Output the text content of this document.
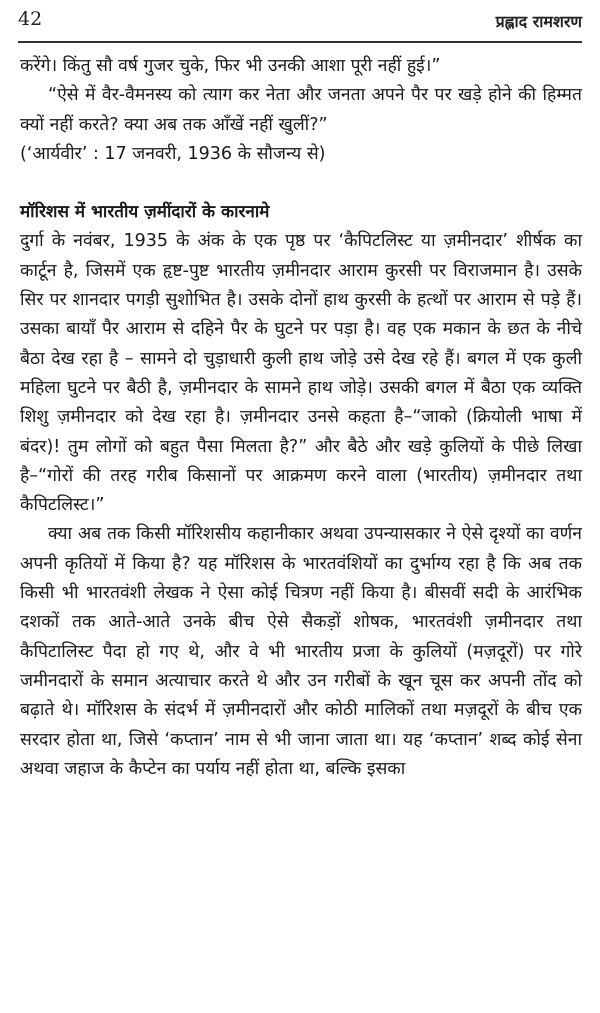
42	प्रह्लाद रामशरण

करेंगे। किंतु सौ वर्ष गुजर चुके, फिर भी उनकी आशा पूरी नहीं हुई।”

“ऐसे में वैर-वैमनस्य को त्याग कर नेता और जनता अपने पैर पर खड़े होने की हिम्मत क्यों नहीं करते? क्या अब तक आँखें नहीं खुलीं?”

(‘आर्यवीर’ : 17 जनवरी, 1936 के सौजन्य से)

मॉरिशस में भारतीय ज़मींदारों के कारनामे

दुर्गा के नवंबर, 1935 के अंक के एक पृष्ठ पर ‘कैपिटलिस्ट या ज़मीनदार’ शीर्षक का कार्टून है, जिसमें एक हृष्ट-पुष्ट भारतीय ज़मीनदार आराम कुरसी पर विराजमान है। उसके सिर पर शानदार पगड़ी सुशोभित है। उसके दोनों हाथ कुरसी के हत्थों पर आराम से पड़े हैं। उसका बायाँ पैर आराम से दहिने पैर के घुटने पर पड़ा है। वह एक मकान के छत के नीचे बैठा देख रहा है – सामने दो चुड़ाधारी कुली हाथ जोड़े उसे देख रहे हैं। बगल में एक कुली महिला घुटने पर बैठी है, ज़मीनदार के सामने हाथ जोड़े। उसकी बगल में बैठा एक व्यक्ति शिशु ज़मीनदार को देख रहा है। ज़मीनदार उनसे कहता है–“जाको (क्रियोली भाषा में बंदर)! तुम लोगों को बहुत पैसा मिलता है?” और बैठे और खड़े कुलियों के पीछे लिखा है–“गोरों की तरह गरीब किसानों पर आक्रमण करने वाला (भारतीय) ज़मीनदार तथा कैपिटलिस्ट।”

क्या अब तक किसी मॉरिशसीय कहानीकार अथवा उपन्यासकार ने ऐसे दृश्यों का वर्णन अपनी कृतियों में किया है? यह मॉरिशस के भारतवंशियों का दुर्भाग्य रहा है कि अब तक किसी भी भारतवंशी लेखक ने ऐसा कोई चित्रण नहीं किया है। बीसवीं सदी के आरंभिक दशकों तक आते-आते उनके बीच ऐसे सैकड़ों शोषक, भारतवंशी ज़मीनदार तथा कैपिटालिस्ट पैदा हो गए थे, और वे भी भारतीय प्रजा के कुलियों (मज़दूरों) पर गोरे जमीनदारों के समान अत्याचार करते थे और उन गरीबों के खून चूस कर अपनी तोंद को बढ़ाते थे। मॉरिशस के संदर्भ में ज़मीनदारों और कोठी मालिकों तथा मज़दूरों के बीच एक सरदार होता था, जिसे ‘कप्तान’ नाम से भी जाना जाता था। यह ‘कप्तान’ शब्द कोई सेना अथवा जहाज के कैप्टेन का पर्याय नहीं होता था, बल्कि इसका
